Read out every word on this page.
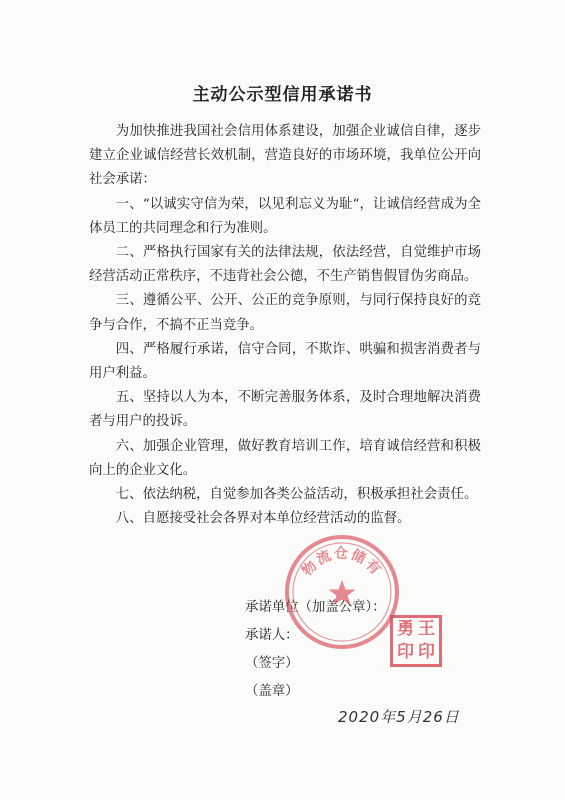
主动公示型信用承诺书

为加快推进我国社会信用体系建设，加强企业诚信自律，逐步建立企业诚信经营长效机制，营造良好的市场环境，我单位公开向社会承诺：

一、“以诚实守信为荣，以见利忘义为耻“，让诚信经营成为全体员工的共同理念和行为准则。

二、严格执行国家有关的法律法规，依法经营，自觉维护市场经营活动正常秩序，不违背社会公德，不生产销售假冒伪劣商品。

三、遵循公平、公开、公正的竞争原则，与同行保持良好的竞争与合作，不搞不正当竞争。

四、严格履行承诺，信守合同，不欺诈、哄骗和损害消费者与用户利益。

五、坚持以人为本，不断完善服务体系，及时合理地解决消费者与用户的投诉。

六、加强企业管理，做好教育培训工作，培育诚信经营和积极向上的企业文化。

七、依法纳税，自觉参加各类公益活动，积极承担社会责任。

八、自愿接受社会各界对本单位经营活动的监督。

承诺单位（加盖公章）：
承诺人：
（签字）
（盖章）
物流仓储有
王
印
勇
印
2020年5月26日
